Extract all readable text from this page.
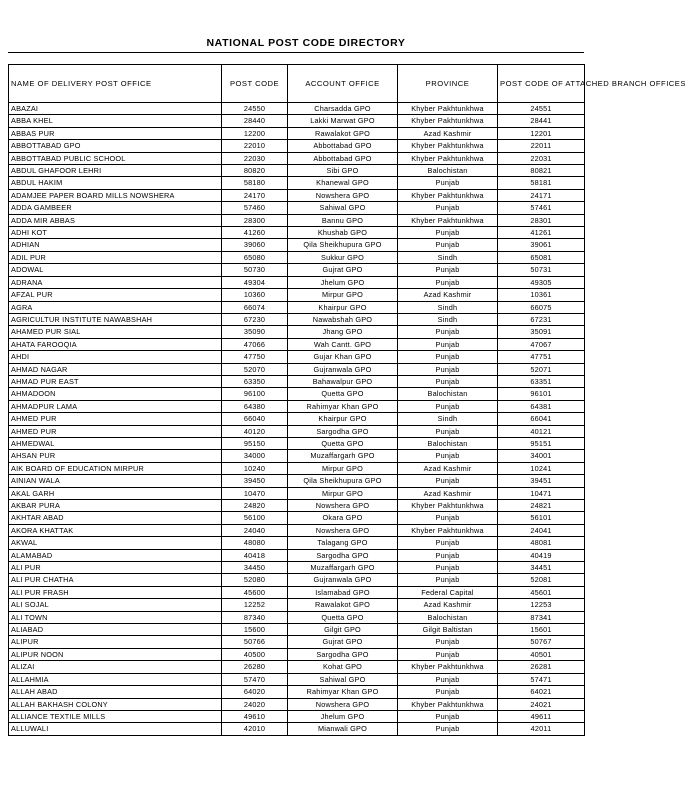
NATIONAL POST CODE DIRECTORY
NAME OF DELIVERY POST OFFICE	POST CODE	ACCOUNT OFFICE	PROVINCE	POST CODE OF ATTACHED BRANCH OFFICES
ABAZAI	24550	Charsadda GPO	Khyber Pakhtunkhwa	24551
ABBA KHEL	28440	Lakki Marwat GPO	Khyber Pakhtunkhwa	28441
ABBAS PUR	12200	Rawalakot GPO	Azad Kashmir	12201
ABBOTTABAD GPO	22010	Abbottabad GPO	Khyber Pakhtunkhwa	22011
ABBOTTABAD PUBLIC SCHOOL	22030	Abbottabad GPO	Khyber Pakhtunkhwa	22031
ABDUL GHAFOOR LEHRI	80820	Sibi GPO	Balochistan	80821
ABDUL HAKIM	58180	Khanewal GPO	Punjab	58181
ADAMJEE PAPER BOARD MILLS NOWSHERA	24170	Nowshera GPO	Khyber Pakhtunkhwa	24171
ADDA GAMBEER	57460	Sahiwal GPO	Punjab	57461
ADDA MIR ABBAS	28300	Bannu GPO	Khyber Pakhtunkhwa	28301
ADHI KOT	41260	Khushab GPO	Punjab	41261
ADHIAN	39060	Qila Sheikhupura GPO	Punjab	39061
ADIL PUR	65080	Sukkur GPO	Sindh	65081
ADOWAL	50730	Gujrat GPO	Punjab	50731
ADRANA	49304	Jhelum GPO	Punjab	49305
AFZAL PUR	10360	Mirpur GPO	Azad Kashmir	10361
AGRA	66074	Khairpur GPO	Sindh	66075
AGRICULTUR INSTITUTE NAWABSHAH	67230	Nawabshah GPO	Sindh	67231
AHAMED PUR SIAL	35090	Jhang GPO	Punjab	35091
AHATA FAROOQIA	47066	Wah Cantt. GPO	Punjab	47067
AHDI	47750	Gujar Khan GPO	Punjab	47751
AHMAD NAGAR	52070	Gujranwala GPO	Punjab	52071
AHMAD PUR EAST	63350	Bahawalpur GPO	Punjab	63351
AHMADOON	96100	Quetta GPO	Balochistan	96101
AHMADPUR LAMA	64380	Rahimyar Khan GPO	Punjab	64381
AHMED PUR	66040	Khairpur GPO	Sindh	66041
AHMED PUR	40120	Sargodha GPO	Punjab	40121
AHMEDWAL	95150	Quetta GPO	Balochistan	95151
AHSAN PUR	34000	Muzaffargarh GPO	Punjab	34001
AIK BOARD OF EDUCATION MIRPUR	10240	Mirpur GPO	Azad Kashmir	10241
AINIAN WALA	39450	Qila Sheikhupura GPO	Punjab	39451
AKAL GARH	10470	Mirpur GPO	Azad Kashmir	10471
AKBAR PURA	24820	Nowshera GPO	Khyber Pakhtunkhwa	24821
AKHTAR ABAD	56100	Okara GPO	Punjab	56101
AKORA KHATTAK	24040	Nowshera GPO	Khyber Pakhtunkhwa	24041
AKWAL	48080	Talagang GPO	Punjab	48081
ALAMABAD	40418	Sargodha GPO	Punjab	40419
ALI PUR	34450	Muzaffargarh GPO	Punjab	34451
ALI PUR CHATHA	52080	Gujranwala GPO	Punjab	52081
ALI PUR FRASH	45600	Islamabad GPO	Federal Capital	45601
ALI SOJAL	12252	Rawalakot GPO	Azad Kashmir	12253
ALI TOWN	87340	Quetta GPO	Balochistan	87341
ALIABAD	15600	Gilgit GPO	Gilgit Baltistan	15601
ALIPUR	50766	Gujrat GPO	Punjab	50767
ALIPUR NOON	40500	Sargodha GPO	Punjab	40501
ALIZAI	26280	Kohat GPO	Khyber Pakhtunkhwa	26281
ALLAHMIA	57470	Sahiwal GPO	Punjab	57471
ALLAH ABAD	64020	Rahimyar Khan GPO	Punjab	64021
ALLAH BAKHASH COLONY	24020	Nowshera GPO	Khyber Pakhtunkhwa	24021
ALLIANCE TEXTILE MILLS	49610	Jhelum GPO	Punjab	49611
ALLUWALI	42010	Mianwali GPO	Punjab	42011
